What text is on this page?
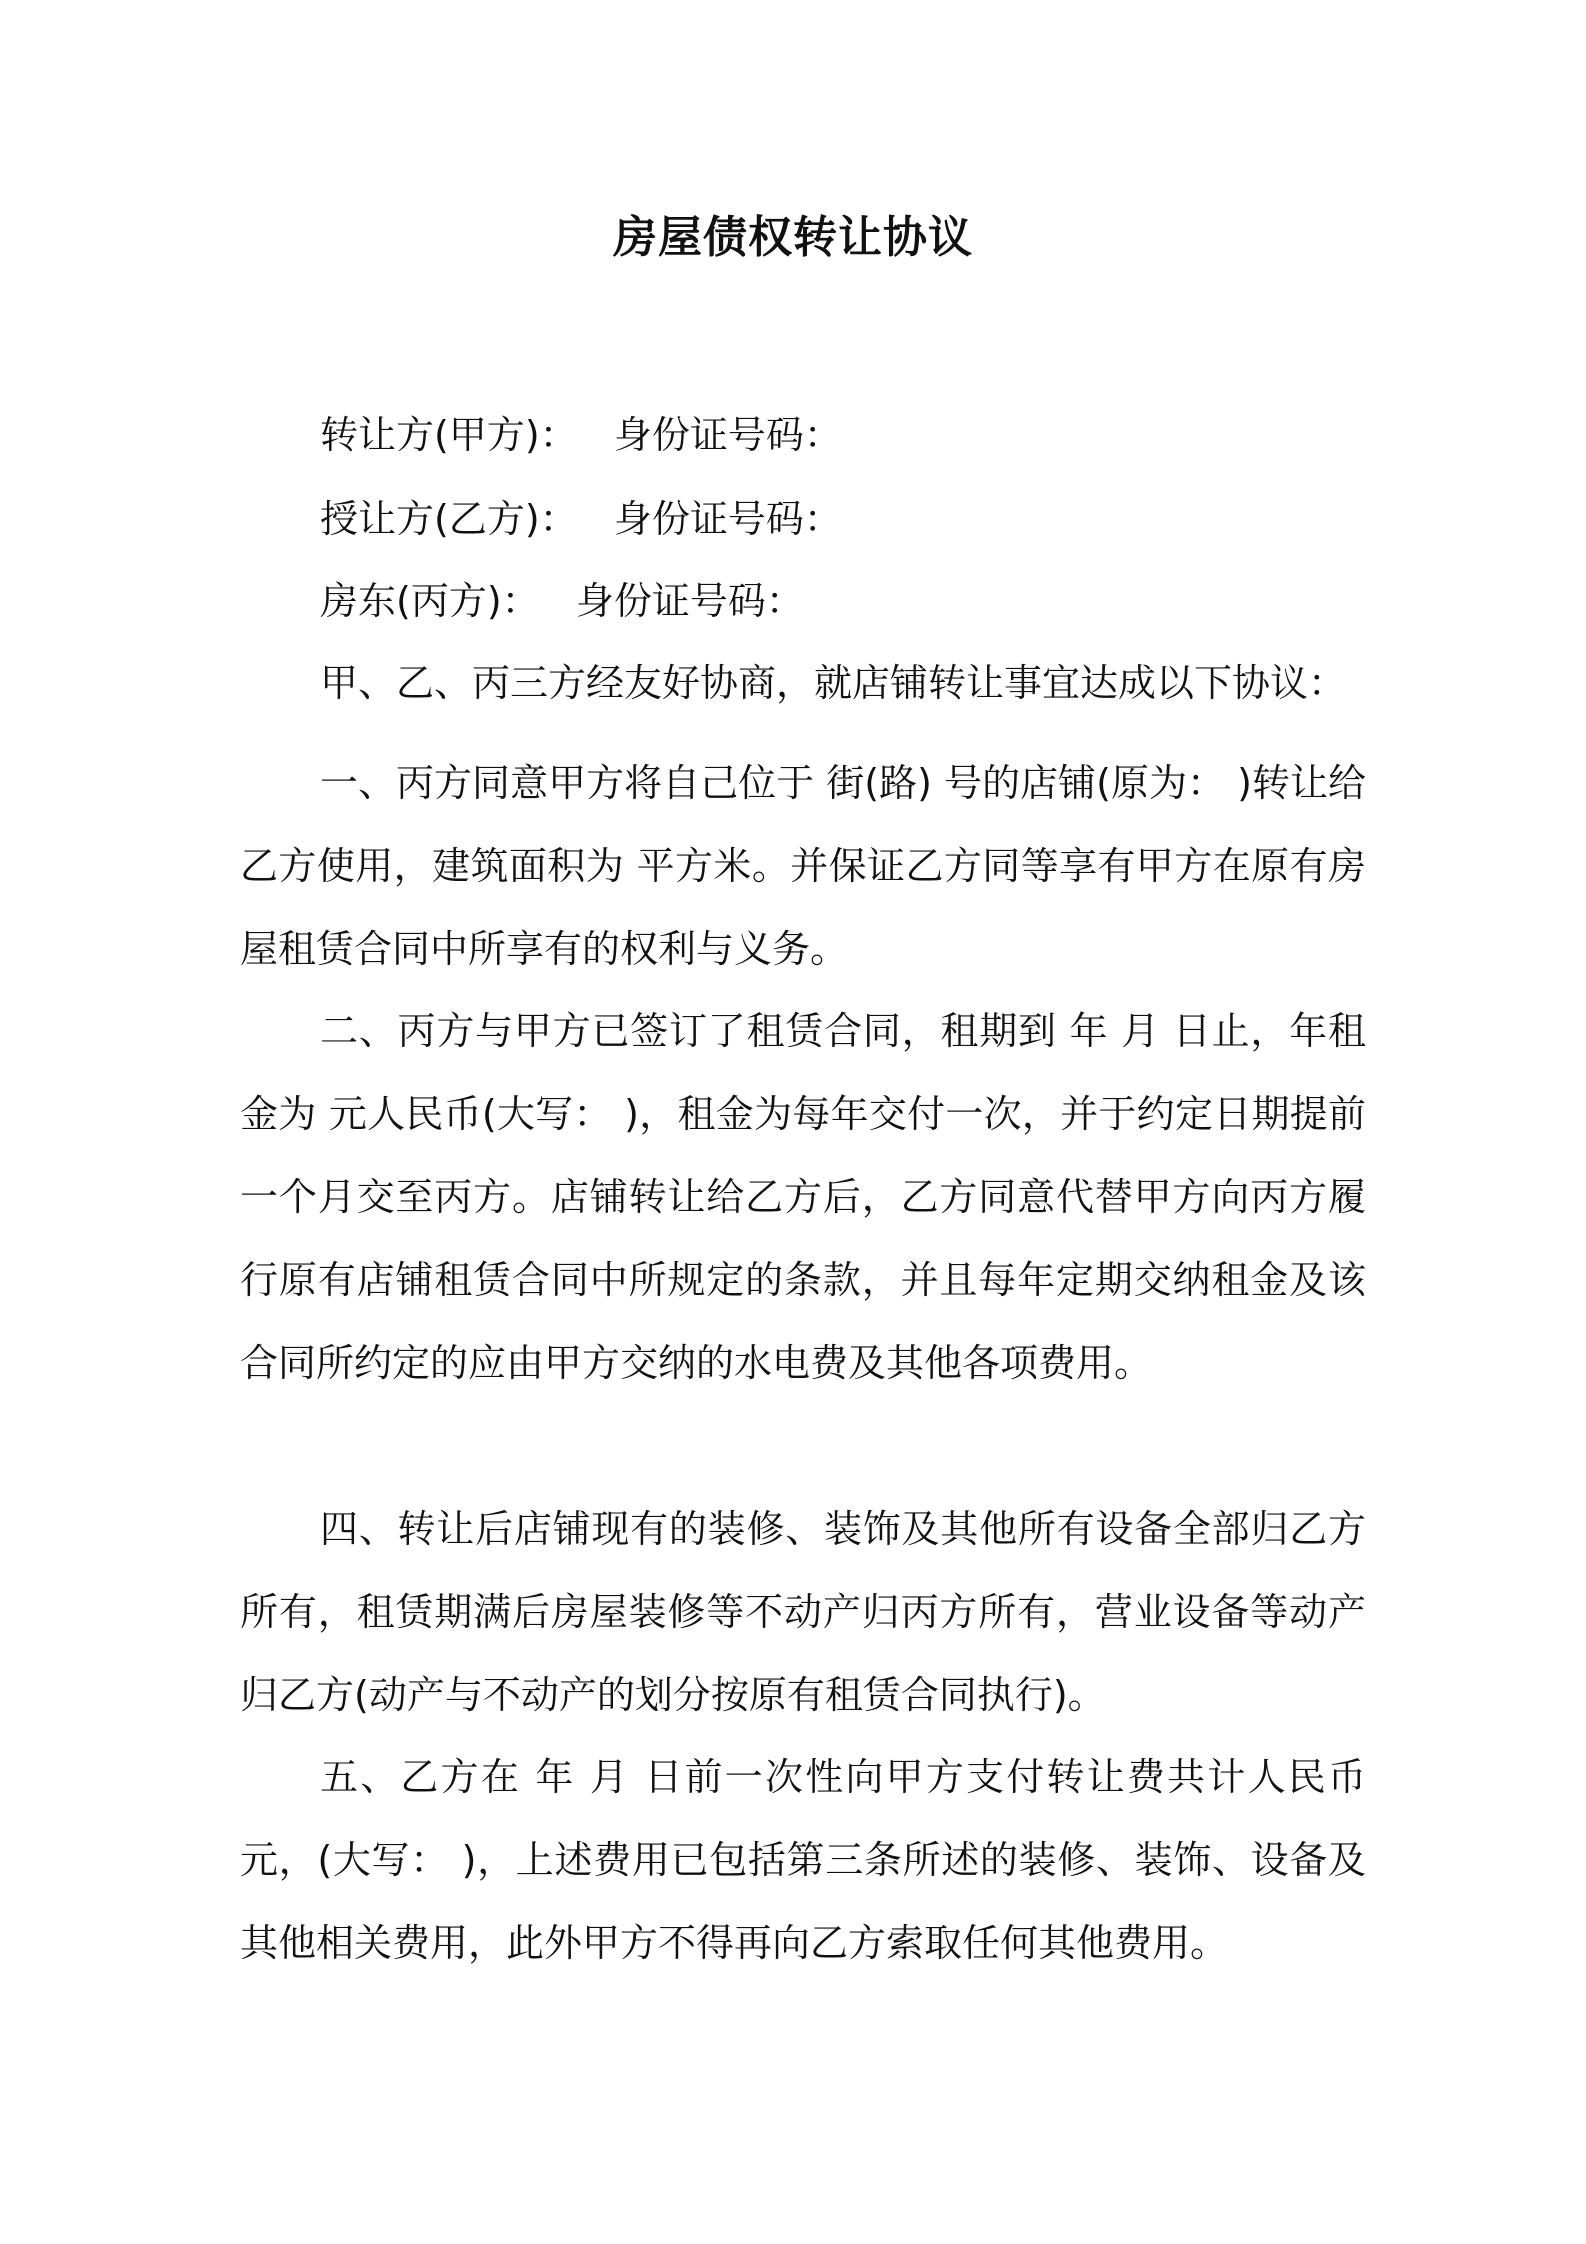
房屋债权转让协议

转让方(甲方)：   身份证号码：

授让方(乙方)：   身份证号码：

房东(丙方)：   身份证号码：

甲、乙、丙三方经友好协商，就店铺转让事宜达成以下协议：

一、丙方同意甲方将自己位于 街(路) 号的店铺(原为： )转让给乙方使用，建筑面积为 平方米。并保证乙方同等享有甲方在原有房屋租赁合同中所享有的权利与义务。

二、丙方与甲方已签订了租赁合同，租期到 年 月 日止，年租金为 元人民币(大写： )，租金为每年交付一次，并于约定日期提前一个月交至丙方。店铺转让给乙方后，乙方同意代替甲方向丙方履行原有店铺租赁合同中所规定的条款，并且每年定期交纳租金及该合同所约定的应由甲方交纳的水电费及其他各项费用。

四、转让后店铺现有的装修、装饰及其他所有设备全部归乙方所有，租赁期满后房屋装修等不动产归丙方所有，营业设备等动产归乙方(动产与不动产的划分按原有租赁合同执行)。

五、乙方在 年 月 日前一次性向甲方支付转让费共计人民币 元，(大写： )，上述费用已包括第三条所述的装修、装饰、设备及其他相关费用，此外甲方不得再向乙方索取任何其他费用。
